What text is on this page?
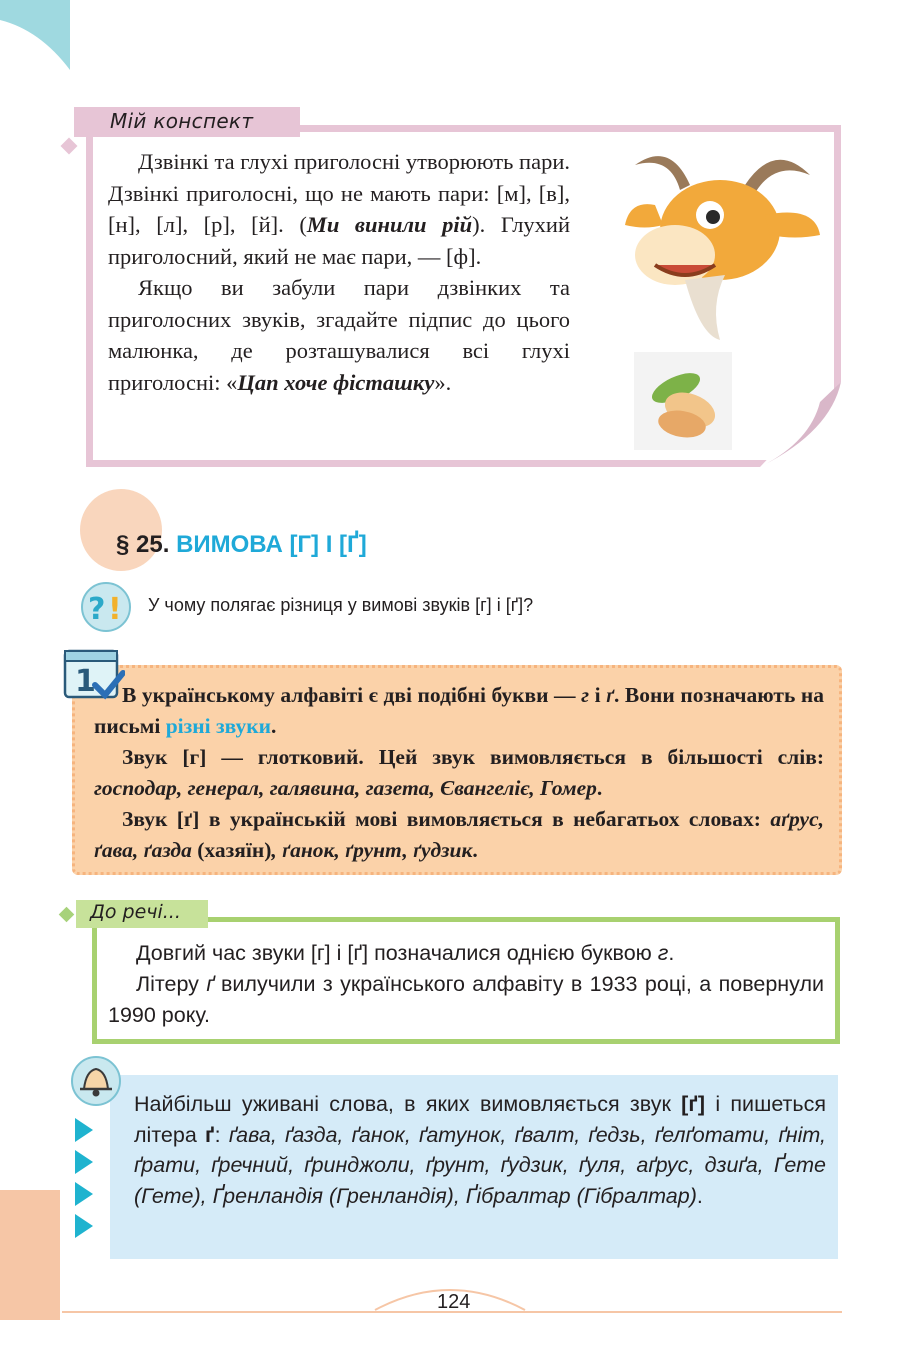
Мій конспект

Дзвінкі та глухі приголосні утворюють пари. Дзвінкі приголосні, що не мають пари: [м], [в], [н], [л], [р], [й]. (Ми винили рій). Глухий приголосний, який не має пари, — [ф].

Якщо ви забули пари дзвінких та приголосних звуків, згадайте підпис до цього малюнка, де розташувалися всі глухі приголосні: «Цап хоче фісташку».

§ 25. ВИМОВА [Г] І [Ґ]
? ! У чому полягає різниця у вимові звуків [г] і [ґ]?
1	В українському алфавіті є дві подібні букви — г і ґ. Вони позначають на письмі різні звуки.

Звук [г] — глотковий. Цей звук вимовляється в більшості слів: господар, генерал, галявина, газета, Євангеліє, Гомер.

Звук [ґ] в українській мові вимовляється в небагатьох словах: аґрус, ґава, ґазда (хазяїн), ґанок, ґрунт, ґудзик.

До речі...

Довгий час звуки [г] і [ґ] позначалися однією буквою г.

Літеру ґ вилучили з українського алфавіту в 1933 році, а повернули 1990 року.

Найбільш уживані слова, в яких вимовляється звук [ґ] і пишеться літера ґ: ґава, ґазда, ґанок, ґатунок, ґвалт, ґедзь, ґелґотати, ґніт, ґрати, ґречний, ґринджоли, ґрунт, ґудзик, ґуля, аґрус, дзиґа, Ґете (Гете), Ґренландія (Гренландія), Ґібралтар (Гібралтар).
124
